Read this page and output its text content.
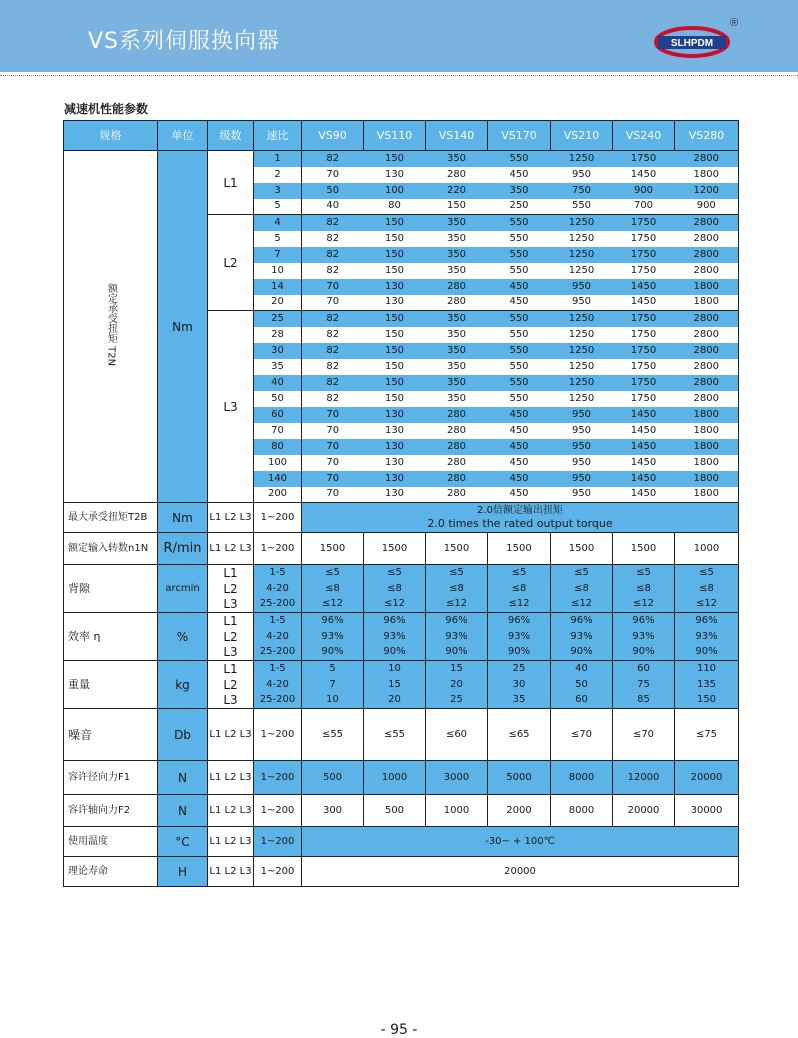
VS系列伺服换向器	SLHPDM
®
减速机性能参数
规格	单位	级数	速比	VS90	VS110	VS140	VS170	VS210	VS240	VS280
额定承受扭矩 T2N	Nm	L1	1	82	150	350	550	1250	1750	2800
			2	70	130	280	450	950	1450	1800
			3	50	100	220	350	750	900	1200
			5	40	80	150	250	550	700	900
		L2	4	82	150	350	550	1250	1750	2800
			5	82	150	350	550	1250	1750	2800
			7	82	150	350	550	1250	1750	2800
			10	82	150	350	550	1250	1750	2800
			14	70	130	280	450	950	1450	1800
			20	70	130	280	450	950	1450	1800
		L3	25	82	150	350	550	1250	1750	2800
			28	82	150	350	550	1250	1750	2800
			30	82	150	350	550	1250	1750	2800
			35	82	150	350	550	1250	1750	2800
			40	82	150	350	550	1250	1750	2800
			50	82	150	350	550	1250	1750	2800
			60	70	130	280	450	950	1450	1800
			70	70	130	280	450	950	1450	1800
			80	70	130	280	450	950	1450	1800
			100	70	130	280	450	950	1450	1800
			140	70	130	280	450	950	1450	1800
			200	70	130	280	450	950	1450	1800
最大承受扭矩T2B	Nm	L1 L2 L3	1~200	2.0倍额定输出扭矩
2.0 times the rated output torque						

额定输入转数n1N	R/min	L1 L2 L3	1~200	1500	1500	1500	1500	1500	1500	1000
背隙	arcmin	L1	1-5	≤5	≤5	≤5	≤5	≤5	≤5	≤5
		L2	4-20	≤8	≤8	≤8	≤8	≤8	≤8	≤8
		L3	25-200	≤12	≤12	≤12	≤12	≤12	≤12	≤12
效率 η	%	L1	1-5	96%	96%	96%	96%	96%	96%	96%
		L2	4-20	93%	93%	93%	93%	93%	93%	93%
		L3	25-200	90%	90%	90%	90%	90%	90%	90%
重量	kg	L1	1-5	5	10	15	25	40	60	110
		L2	4-20	7	15	20	30	50	75	135
		L3	25-200	10	20	25	35	60	85	150
噪音	Db	L1 L2 L3	1~200	≤55	≤55	≤60	≤65	≤70	≤70	≤75
容许径向力F1	N	L1 L2 L3	1~200	500	1000	3000	5000	8000	12000	20000
容许轴向力F2	N	L1 L2 L3	1~200	300	500	1000	2000	8000	20000	30000
使用温度	°C	L1 L2 L3	1~200	-30~ + 100℃						
理论寿命	H	L1 L2 L3	1~200	20000						
- 95 -
